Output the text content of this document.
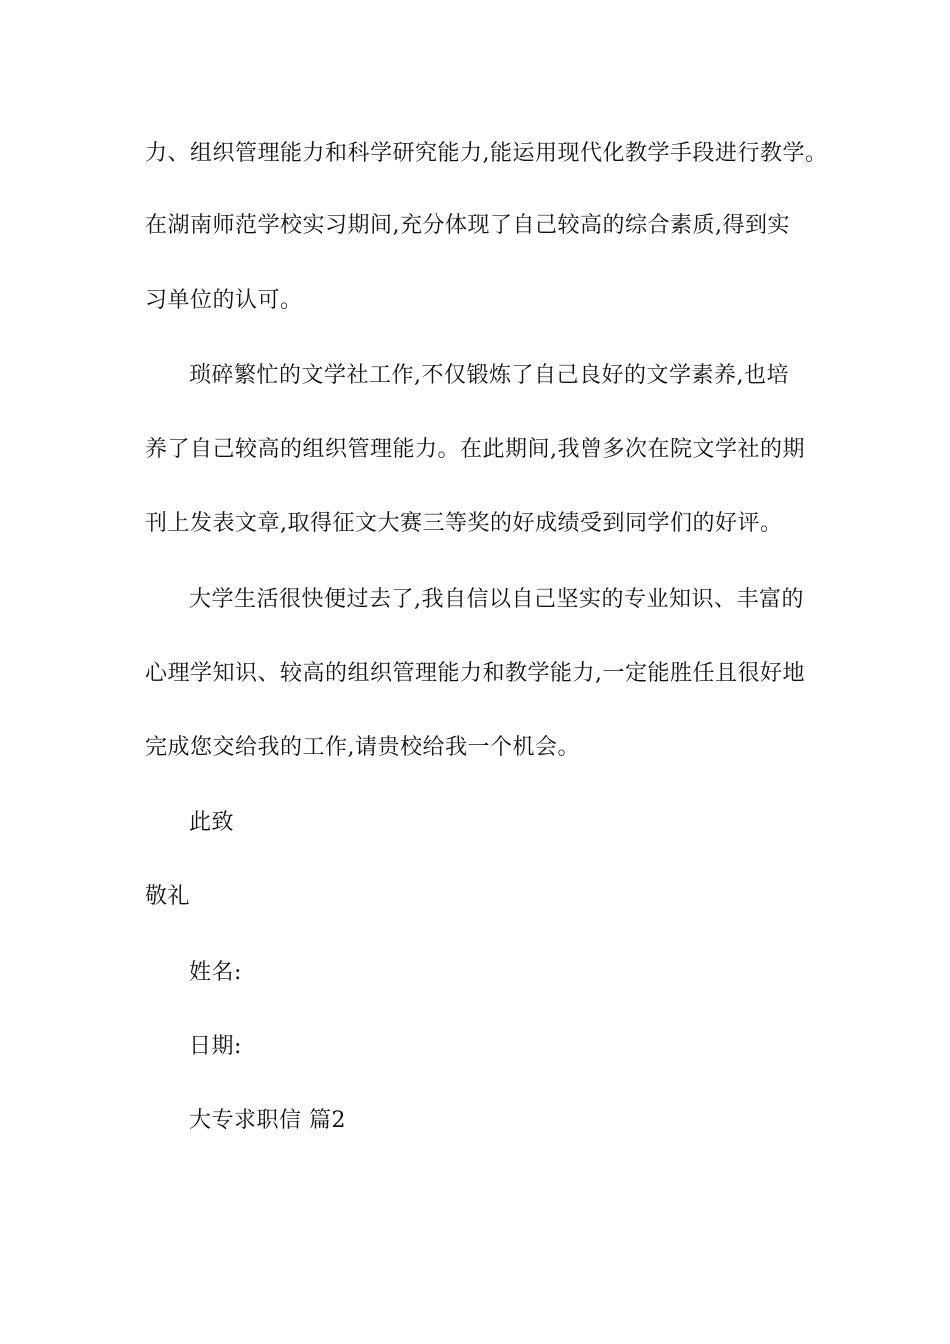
力、组织管理能力和科学研究能力,能运用现代化教学手段进行教学。
在湖南师范学校实习期间,充分体现了自己较高的综合素质,得到实
习单位的认可。
琐碎繁忙的文学社工作,不仅锻炼了自己良好的文学素养,也培
养了自己较高的组织管理能力。在此期间,我曾多次在院文学社的期
刊上发表文章,取得征文大赛三等奖的好成绩受到同学们的好评。
大学生活很快便过去了,我自信以自己坚实的专业知识、丰富的
心理学知识、较高的组织管理能力和教学能力,一定能胜任且很好地
完成您交给我的工作,请贵校给我一个机会。
此致
敬礼
姓名:
日期:
大专求职信 篇2
